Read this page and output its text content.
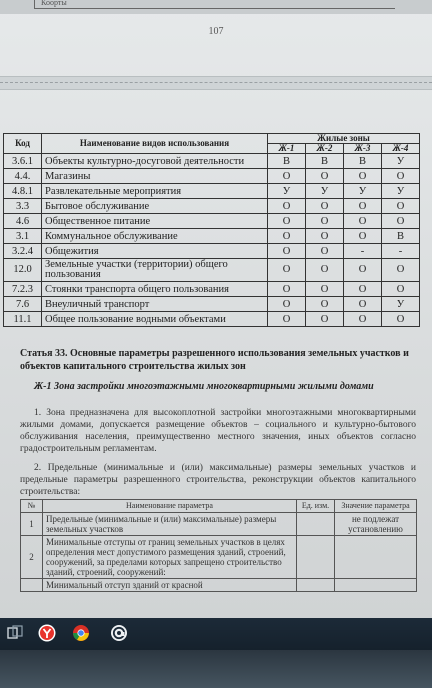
Коорты
107
Код	Наименование видов использования	Жилые зоны			
		Ж-1	Ж-2	Ж-3	Ж-4
3.6.1	Объекты культурно-досуговой деятельности	В	В	В	У
4.4.	Магазины	О	О	О	О
4.8.1	Развлекательные мероприятия	У	У	У	У
3.3	Бытовое обслуживание	О	О	О	О
4.6	Общественное питание	О	О	О	О
3.1	Коммунальное обслуживание	О	О	О	В
3.2.4	Общежития	О	О	-	-
12.0	Земельные участки (территории) общего пользования	О	О	О	О
7.2.3	Стоянки транспорта общего пользования	О	О	О	О
7.6	Внеуличный транспорт	О	О	О	У
11.1	Общее пользование водными объектами	О	О	О	О
Статья 33. Основные параметры разрешенного использования земельных участков и объектов капитального строительства жилых зон
Ж-1 Зона застройки многоэтажными многоквартирными жилыми домами
1. Зона предназначена для высокоплотной застройки многоэтажными многоквартирными жилыми домами, допускается размещение объектов – социального и культурно-бытового обслуживания населения, преимущественно местного значения, иных объектов согласно градостроительным регламентам.
2. Предельные (минимальные и (или) максимальные) размеры земельных участков и предельные параметры разрешенного строительства, реконструкции объектов капитального строительства:
№	Наименование параметра	Ед. изм.	Значение параметра
1	Предельные (минимальные и (или) максимальные) размеры земельных участков		не подлежат установлению
2	Минимальные отступы от границ земельных участков в целях определения мест допустимого размещения зданий, строений, сооружений, за пределами которых запрещено строительство зданий, строений, сооружений:		
	Минимальный отступ зданий от красной		
